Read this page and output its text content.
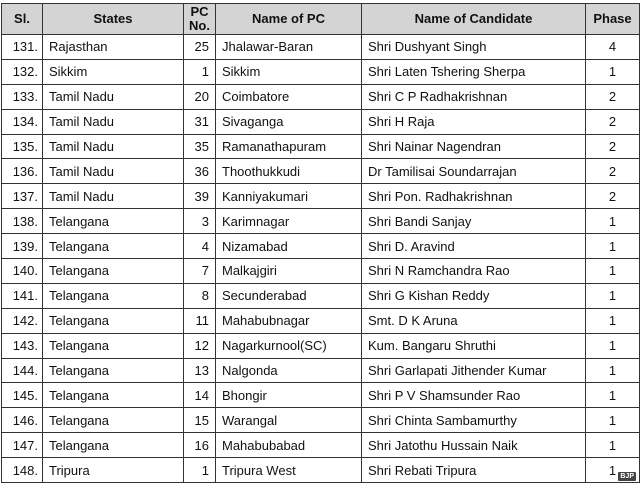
Sl.	States	PC No.	Name of PC	Name of Candidate	Phase
131.	Rajasthan	25	Jhalawar-Baran	Shri Dushyant Singh	4
132.	Sikkim	1	Sikkim	Shri Laten Tshering Sherpa	1
133.	Tamil Nadu	20	Coimbatore	Shri C P Radhakrishnan	2
134.	Tamil Nadu	31	Sivaganga	Shri H Raja	2
135.	Tamil Nadu	35	Ramanathapuram	Shri Nainar Nagendran	2
136.	Tamil Nadu	36	Thoothukkudi	Dr Tamilisai Soundarrajan	2
137.	Tamil Nadu	39	Kanniyakumari	Shri Pon. Radhakrishnan	2
138.	Telangana	3	Karimnagar	Shri Bandi Sanjay	1
139.	Telangana	4	Nizamabad	Shri D. Aravind	1
140.	Telangana	7	Malkajgiri	Shri N Ramchandra Rao	1
141.	Telangana	8	Secunderabad	Shri G Kishan Reddy	1
142.	Telangana	11	Mahabubnagar	Smt. D K Aruna	1
143.	Telangana	12	Nagarkurnool(SC)	Kum. Bangaru Shruthi	1
144.	Telangana	13	Nalgonda	Shri Garlapati Jithender Kumar	1
145.	Telangana	14	Bhongir	Shri P V Shamsunder Rao	1
146.	Telangana	15	Warangal	Shri Chinta Sambamurthy	1
147.	Telangana	16	Mahabubabad	Shri Jatothu Hussain Naik	1
148.	Tripura	1	Tripura West	Shri Rebati Tripura	1 BJP
